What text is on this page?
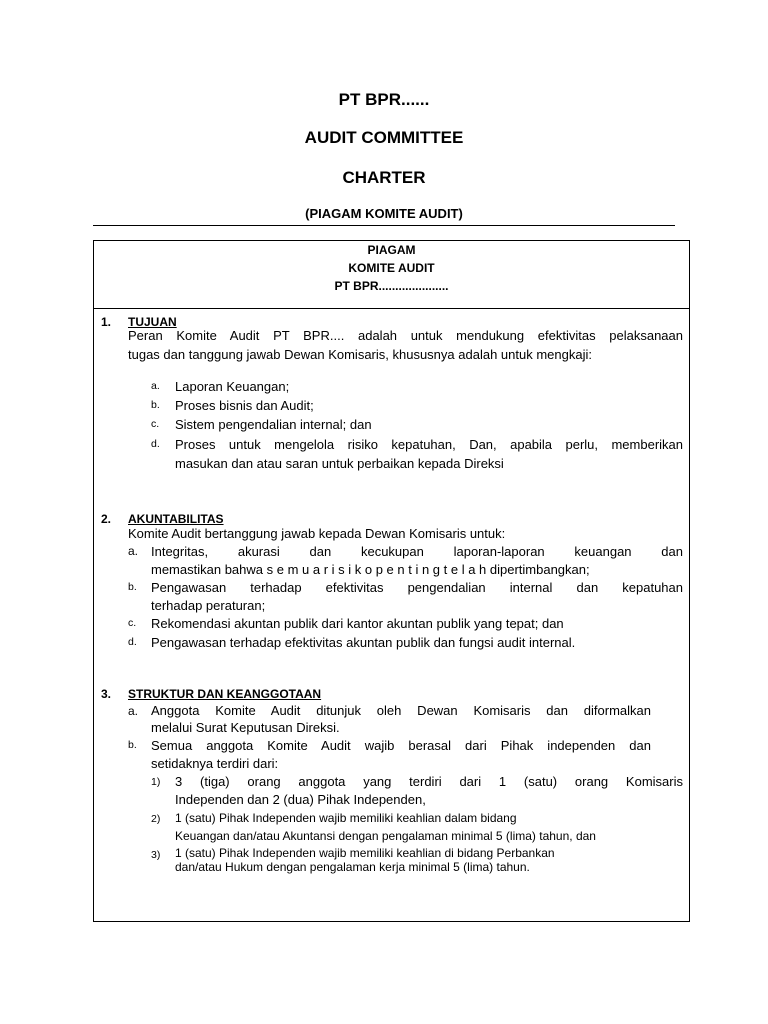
PT BPR......
AUDIT COMMITTEE
CHARTER
(PIAGAM KOMITE AUDIT)
PIAGAM
KOMITE AUDIT
PT BPR.....................
1. TUJUAN
Peran Komite Audit PT BPR.... adalah untuk mendukung efektivitas pelaksanaan
tugas dan tanggung jawab Dewan Komisaris, khususnya adalah untuk mengkaji:
a. Laporan Keuangan;
b. Proses bisnis dan Audit;
c. Sistem pengendalian internal; dan
d. Proses untuk mengelola risiko kepatuhan, Dan, apabila perlu, memberikan
masukan dan atau saran untuk perbaikan kepada Direksi
2. AKUNTABILITAS
Komite Audit bertanggung jawab kepada Dewan Komisaris untuk:
a. Integritas, akurasi dan kecukupan laporan-laporan keuangan dan
memastikan bahwa s e m u a r i s i k o p e n t i n g t e l a h dipertimbangkan;
b. Pengawasan terhadap efektivitas pengendalian internal dan kepatuhan
terhadap peraturan;
c. Rekomendasi akuntan publik dari kantor akuntan publik yang tepat; dan
d. Pengawasan terhadap efektivitas akuntan publik dan fungsi audit internal.
3. STRUKTUR DAN KEANGGOTAAN
a. Anggota Komite Audit ditunjuk oleh Dewan Komisaris dan diformalkan
melalui Surat Keputusan Direksi.
b. Semua anggota Komite Audit wajib berasal dari Pihak independen dan
setidaknya terdiri dari:
1) 3 (tiga) orang anggota yang terdiri dari 1 (satu) orang Komisaris
Independen dan 2 (dua) Pihak Independen,
2) 1 (satu) Pihak Independen wajib memiliki keahlian dalam bidang
Keuangan dan/atau Akuntansi dengan pengalaman minimal 5 (lima) tahun, dan
3) 1 (satu) Pihak Independen wajib memiliki keahlian di bidang Perbankan
dan/atau Hukum dengan pengalaman kerja minimal 5 (lima) tahun.
